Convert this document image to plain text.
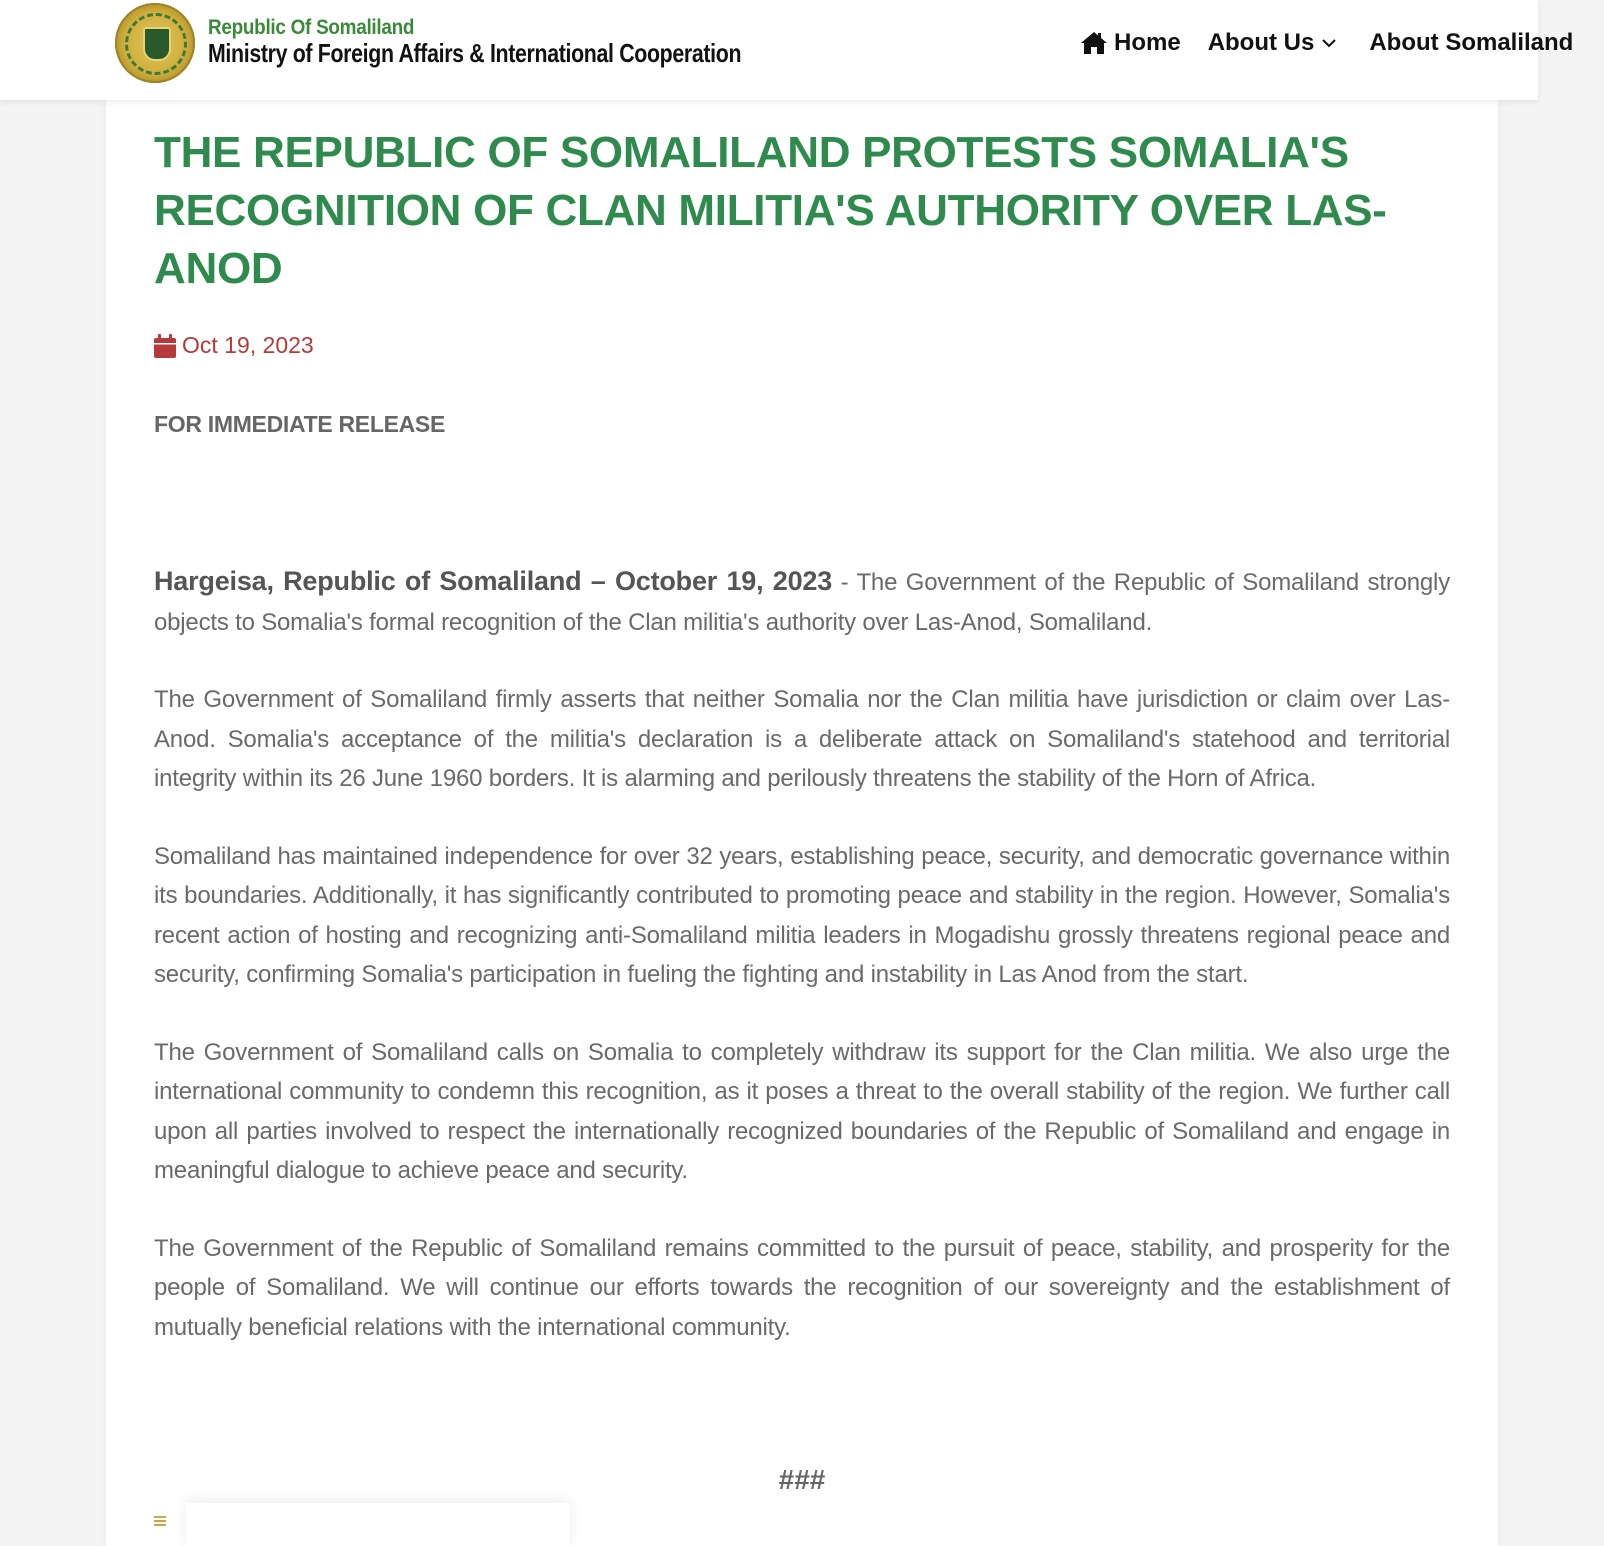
Republic Of Somaliland
Ministry of Foreign Affairs & International Cooperation	Home About Us About Somaliland
THE REPUBLIC OF SOMALILAND PROTESTS SOMALIA'S RECOGNITION OF CLAN MILITIA'S AUTHORITY OVER LAS-ANOD
Oct 19, 2023
FOR IMMEDIATE RELEASE

Hargeisa, Republic of Somaliland – October 19, 2023 - The Government of the Republic of Somaliland strongly objects to Somalia's formal recognition of the Clan militia's authority over Las-Anod, Somaliland.

The Government of Somaliland firmly asserts that neither Somalia nor the Clan militia have jurisdiction or claim over Las-Anod. Somalia's acceptance of the militia's declaration is a deliberate attack on Somaliland's statehood and territorial integrity within its 26 June 1960 borders. It is alarming and perilously threatens the stability of the Horn of Africa.

Somaliland has maintained independence for over 32 years, establishing peace, security, and democratic governance within its boundaries. Additionally, it has significantly contributed to promoting peace and stability in the region. However, Somalia's recent action of hosting and recognizing anti-Somaliland militia leaders in Mogadishu grossly threatens regional peace and security, confirming Somalia's participation in fueling the fighting and instability in Las Anod from the start.

The Government of Somaliland calls on Somalia to completely withdraw its support for the Clan militia. We also urge the international community to condemn this recognition, as it poses a threat to the overall stability of the region. We further call upon all parties involved to respect the internationally recognized boundaries of the Republic of Somaliland and engage in meaningful dialogue to achieve peace and security.

The Government of the Republic of Somaliland remains committed to the pursuit of peace, stability, and prosperity for the people of Somaliland. We will continue our efforts towards the recognition of our sovereignty and the establishment of mutually beneficial relations with the international community.

###
